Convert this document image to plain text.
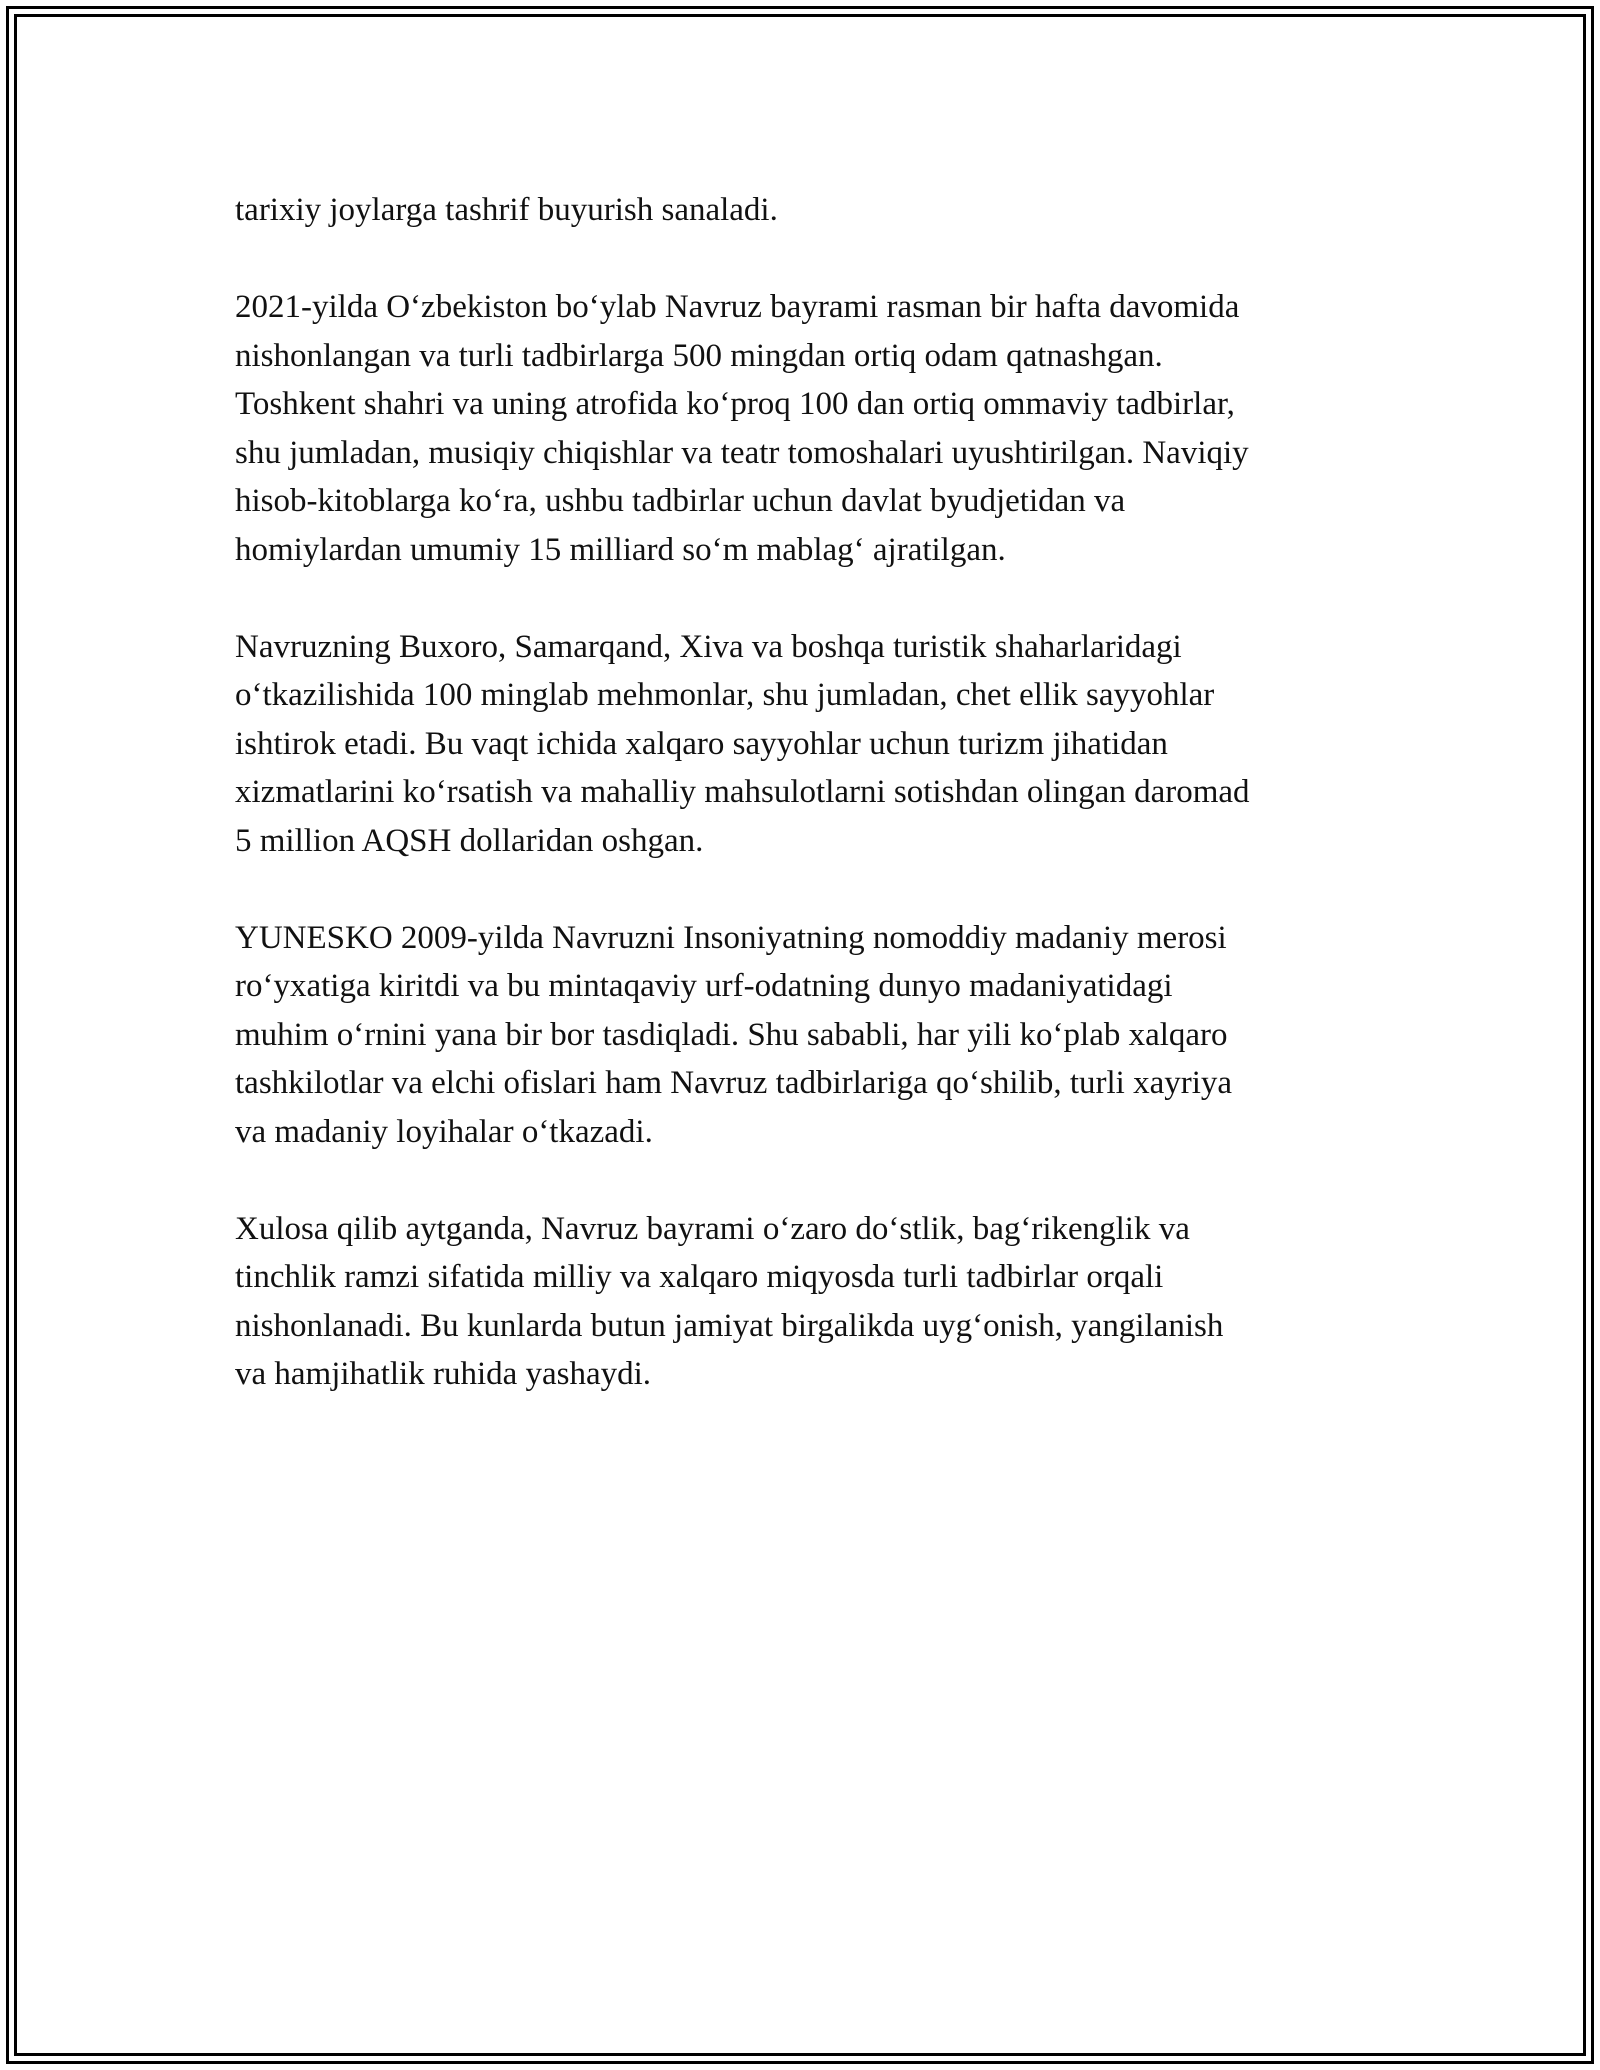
tarixiy joylarga tashrif buyurish sanaladi.
2021-yilda O‘zbekiston bo‘ylab Navruz bayrami rasman bir hafta davomida
nishonlangan va turli tadbirlarga 500 mingdan ortiq odam qatnashgan.
Toshkent shahri va uning atrofida ko‘proq 100 dan ortiq ommaviy tadbirlar,
shu jumladan, musiqiy chiqishlar va teatr tomoshalari uyushtirilgan. Naviqiy
hisob-kitoblarga ko‘ra, ushbu tadbirlar uchun davlat byudjetidan va
homiylardan umumiy 15 milliard so‘m mablag‘ ajratilgan.
Navruzning Buxoro, Samarqand, Xiva va boshqa turistik shaharlaridagi
o‘tkazilishida 100 minglab mehmonlar, shu jumladan, chet ellik sayyohlar
ishtirok etadi. Bu vaqt ichida xalqaro sayyohlar uchun turizm jihatidan
xizmatlarini ko‘rsatish va mahalliy mahsulotlarni sotishdan olingan daromad
5 million AQSH dollaridan oshgan.
YUNESKO 2009-yilda Navruzni Insoniyatning nomoddiy madaniy merosi
ro‘yxatiga kiritdi va bu mintaqaviy urf-odatning dunyo madaniyatidagi
muhim o‘rnini yana bir bor tasdiqladi. Shu sababli, har yili ko‘plab xalqaro
tashkilotlar va elchi ofislari ham Navruz tadbirlariga qo‘shilib, turli xayriya
va madaniy loyihalar o‘tkazadi.
Xulosa qilib aytganda, Navruz bayrami o‘zaro do‘stlik, bag‘rikenglik va
tinchlik ramzi sifatida milliy va xalqaro miqyosda turli tadbirlar orqali
nishonlanadi. Bu kunlarda butun jamiyat birgalikda uyg‘onish, yangilanish
va hamjihatlik ruhida yashaydi.
